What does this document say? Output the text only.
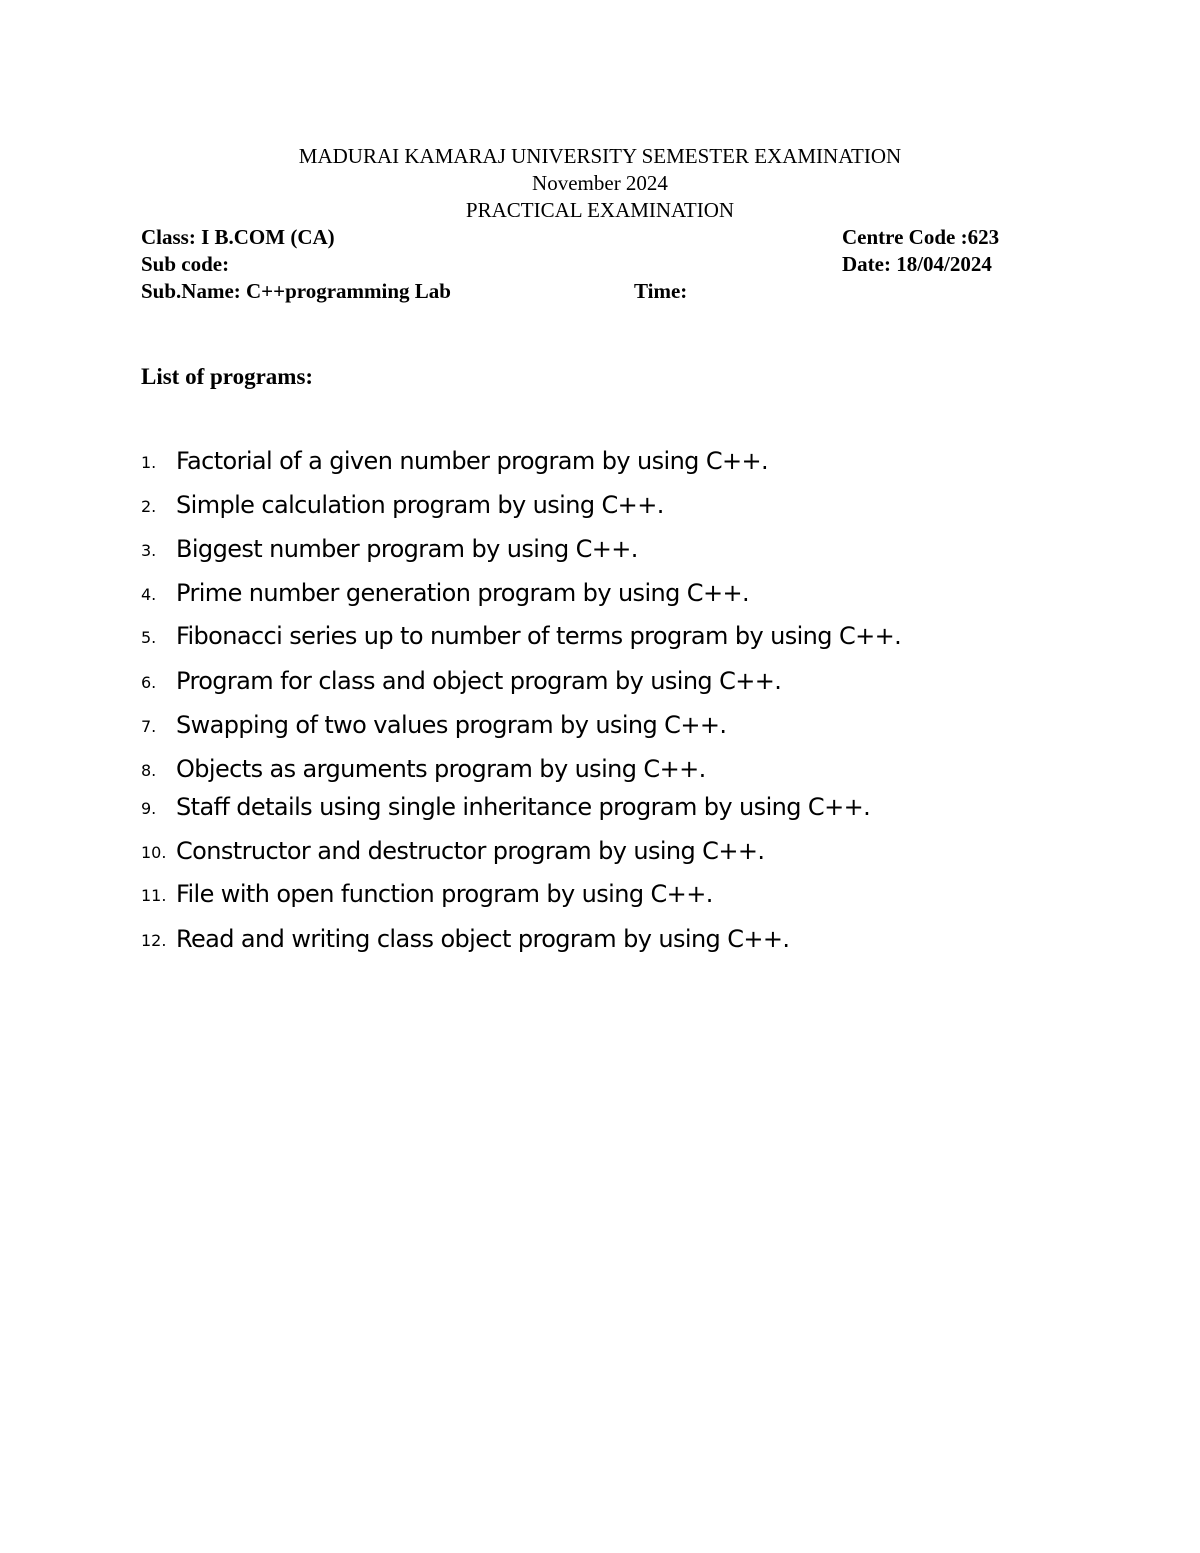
MADURAI KAMARAJ UNIVERSITY SEMESTER EXAMINATION
November 2024
PRACTICAL EXAMINATION
Class: I B.COM (CA)	Centre Code :623
Sub code:	Date: 18/04/2024
Sub.Name: C++programming Lab	Time:
List of programs:
1. Factorial of a given number program by using C++.
2. Simple calculation program by using C++.
3. Biggest number program by using C++.
4. Prime number generation program by using C++.
5. Fibonacci series up to number of terms program by using C++.
6. Program for class and object program by using C++.
7. Swapping of two values program by using C++.
8. Objects as arguments program by using C++.
9. Staff details using single inheritance program by using C++.
10. Constructor and destructor program by using C++.
11. File with open function program by using C++.
12. Read and writing class object program by using C++.
